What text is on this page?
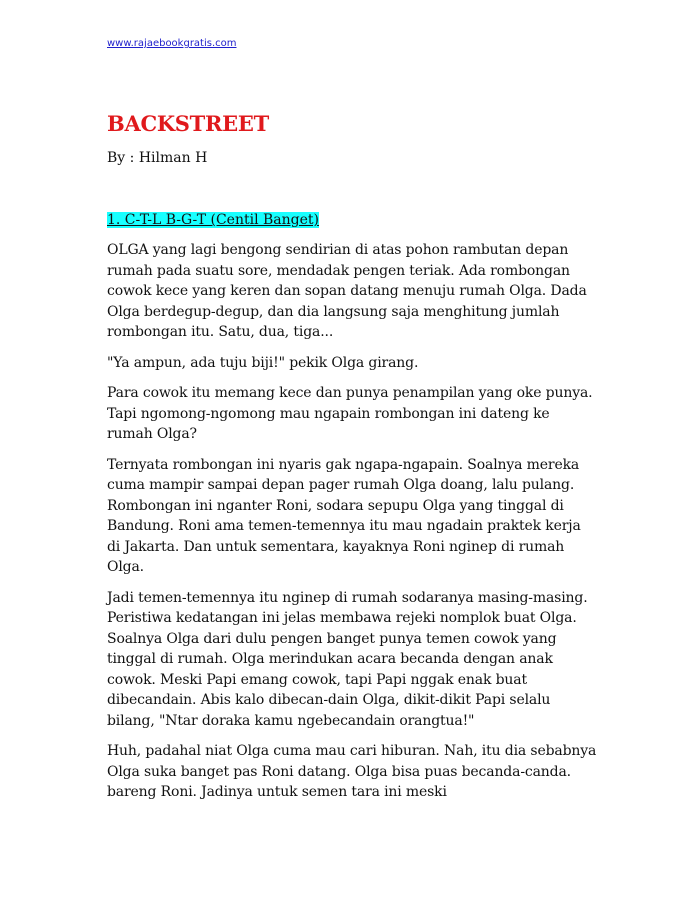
www.rajaebookgratis.com
BACKSTREET
By : Hilman H
1. C-T-L B-G-T (Centil Banget)

OLGA yang lagi bengong sendirian di atas pohon rambutan depan rumah pada suatu sore, mendadak pengen teriak. Ada rombongan cowok kece yang keren dan sopan datang menuju rumah Olga. Dada Olga berdegup-degup, dan dia langsung saja menghitung jumlah rombongan itu. Satu, dua, tiga...

"Ya ampun, ada tuju biji!" pekik Olga girang.

Para cowok itu memang kece dan punya penampilan yang oke punya. Tapi ngomong-ngomong mau ngapain rombongan ini dateng ke rumah Olga?

Ternyata rombongan ini nyaris gak ngapa-ngapain. Soalnya mereka cuma mampir sampai depan pager rumah Olga doang, lalu pulang. Rombongan ini nganter Roni, sodara sepupu Olga yang tinggal di Bandung. Roni ama temen-temennya itu mau ngadain praktek kerja di Jakarta. Dan untuk sementara, kayaknya Roni nginep di rumah Olga.

Jadi temen-temennya itu nginep di rumah sodaranya masing-masing. Peristiwa kedatangan ini jelas membawa rejeki nomplok buat Olga. Soalnya Olga dari dulu pengen banget punya temen cowok yang tinggal di rumah. Olga merindukan acara becanda dengan anak cowok. Meski Papi emang cowok, tapi Papi nggak enak buat dibecandain. Abis kalo dibecan-dain Olga, dikit-dikit Papi selalu bilang, "Ntar doraka kamu ngebecandain orangtua!"

Huh, padahal niat Olga cuma mau cari hiburan. Nah, itu dia sebabnya Olga suka banget pas Roni datang. Olga bisa puas becanda-canda. bareng Roni. Jadinya untuk semen tara ini meski
